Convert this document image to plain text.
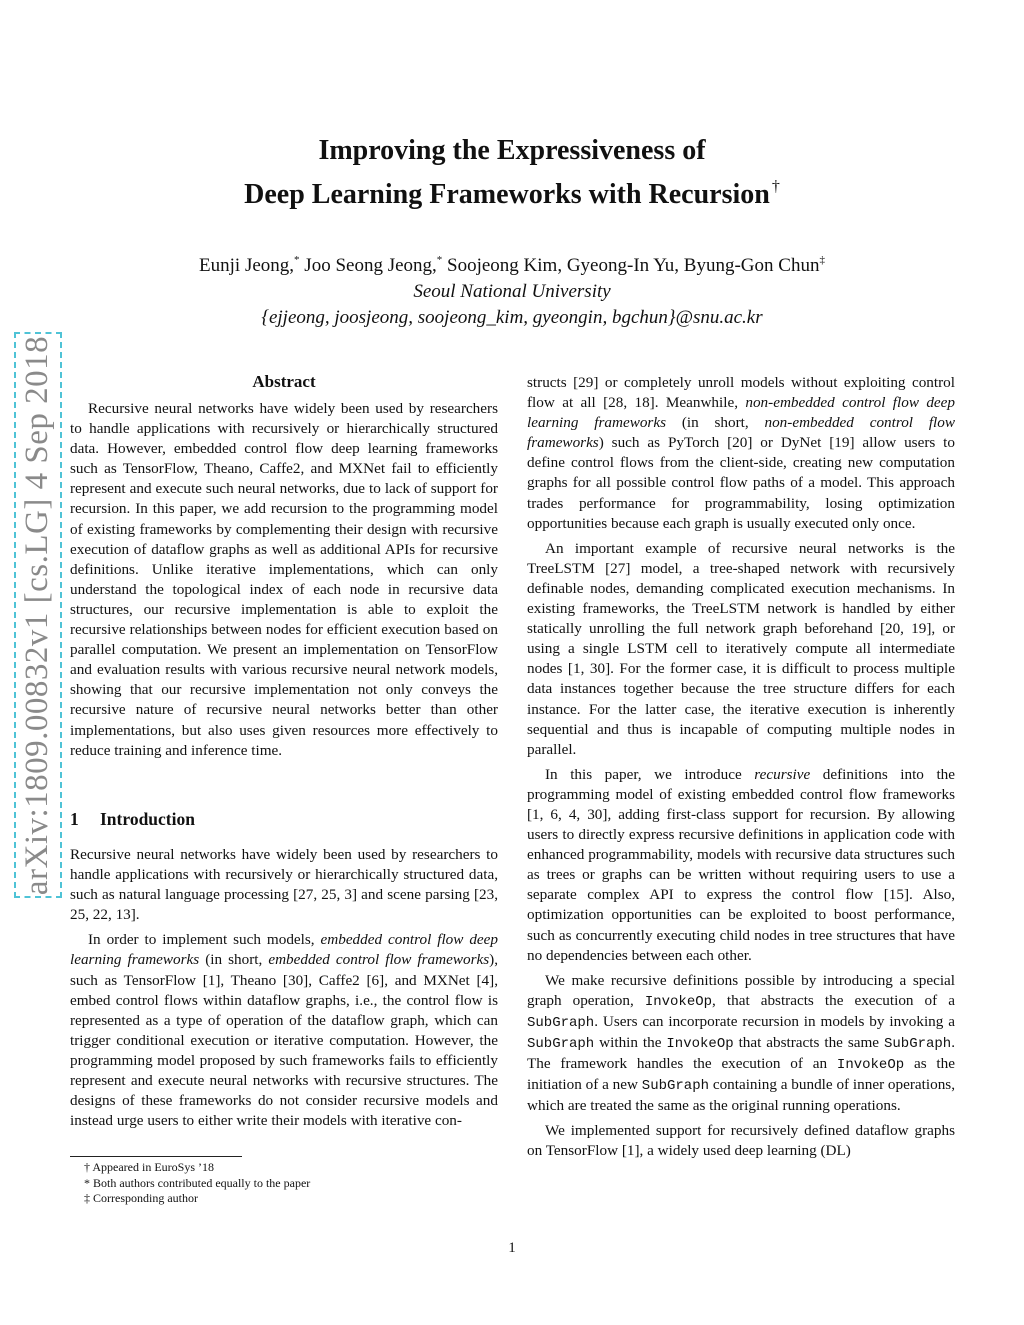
arXiv:1809.00832v1 [cs.LG] 4 Sep 2018
Improving the Expressiveness of
Deep Learning Frameworks with Recursion †
Eunji Jeong,* Joo Seong Jeong,* Soojeong Kim, Gyeong-In Yu, Byung-Gon Chun‡
Seoul National University
{ejjeong, joosjeong, soojeong_kim, gyeongin, bgchun}@snu.ac.kr
Abstract

Recursive neural networks have widely been used by researchers to handle applications with recursively or hierarchically structured data. However, embedded control flow deep learning frameworks such as TensorFlow, Theano, Caffe2, and MXNet fail to efficiently represent and execute such neural networks, due to lack of support for recursion. In this paper, we add recursion to the programming model of existing frameworks by complementing their design with recursive execution of dataflow graphs as well as additional APIs for recursive definitions. Unlike iterative implementations, which can only understand the topological index of each node in recursive data structures, our recursive implementation is able to exploit the recursive relationships between nodes for efficient execution based on parallel computation. We present an implementation on TensorFlow and evaluation results with various recursive neural network models, showing that our recursive implementation not only conveys the recursive nature of recursive neural networks better than other implementations, but also uses given resources more effectively to reduce training and inference time.

1 Introduction

Recursive neural networks have widely been used by researchers to handle applications with recursively or hierarchically structured data, such as natural language processing [27, 25, 3] and scene parsing [23, 25, 22, 13].

In order to implement such models, embedded control flow deep learning frameworks (in short, embedded control flow frameworks), such as TensorFlow [1], Theano [30], Caffe2 [6], and MXNet [4], embed control flows within dataflow graphs, i.e., the control flow is represented as a type of operation of the dataflow graph, which can trigger conditional execution or iterative computation. However, the programming model proposed by such frameworks fails to efficiently represent and execute neural networks with recursive structures. The designs of these frameworks do not consider recursive models and instead urge users to either write their models with iterative con-

† Appeared in EuroSys ’18
* Both authors contributed equally to the paper
‡ Corresponding author

structs [29] or completely unroll models without exploiting control flow at all [28, 18]. Meanwhile, non-embedded control flow deep learning frameworks (in short, non-embedded control flow frameworks) such as PyTorch [20] or DyNet [19] allow users to define control flows from the client-side, creating new computation graphs for all possible control flow paths of a model. This approach trades performance for programmability, losing optimization opportunities because each graph is usually executed only once.

An important example of recursive neural networks is the TreeLSTM [27] model, a tree-shaped network with recursively definable nodes, demanding complicated execution mechanisms. In existing frameworks, the TreeLSTM network is handled by either statically unrolling the full network graph beforehand [20, 19], or using a single LSTM cell to iteratively compute all intermediate nodes [1, 30]. For the former case, it is difficult to process multiple data instances together because the tree structure differs for each instance. For the latter case, the iterative execution is inherently sequential and thus is incapable of computing multiple nodes in parallel.

In this paper, we introduce recursive definitions into the programming model of existing embedded control flow frameworks [1, 6, 4, 30], adding first-class support for recursion. By allowing users to directly express recursive definitions in application code with enhanced programmability, models with recursive data structures such as trees or graphs can be written without requiring users to use a separate complex API to express the control flow [15]. Also, optimization opportunities can be exploited to boost performance, such as concurrently executing child nodes in tree structures that have no dependencies between each other.

We make recursive definitions possible by introducing a special graph operation, InvokeOp, that abstracts the execution of a SubGraph. Users can incorporate recursion in models by invoking a SubGraph within the InvokeOp that abstracts the same SubGraph. The framework handles the execution of an InvokeOp as the initiation of a new SubGraph containing a bundle of inner operations, which are treated the same as the original running operations.

We implemented support for recursively defined dataflow graphs on TensorFlow [1], a widely used deep learning (DL)

1
